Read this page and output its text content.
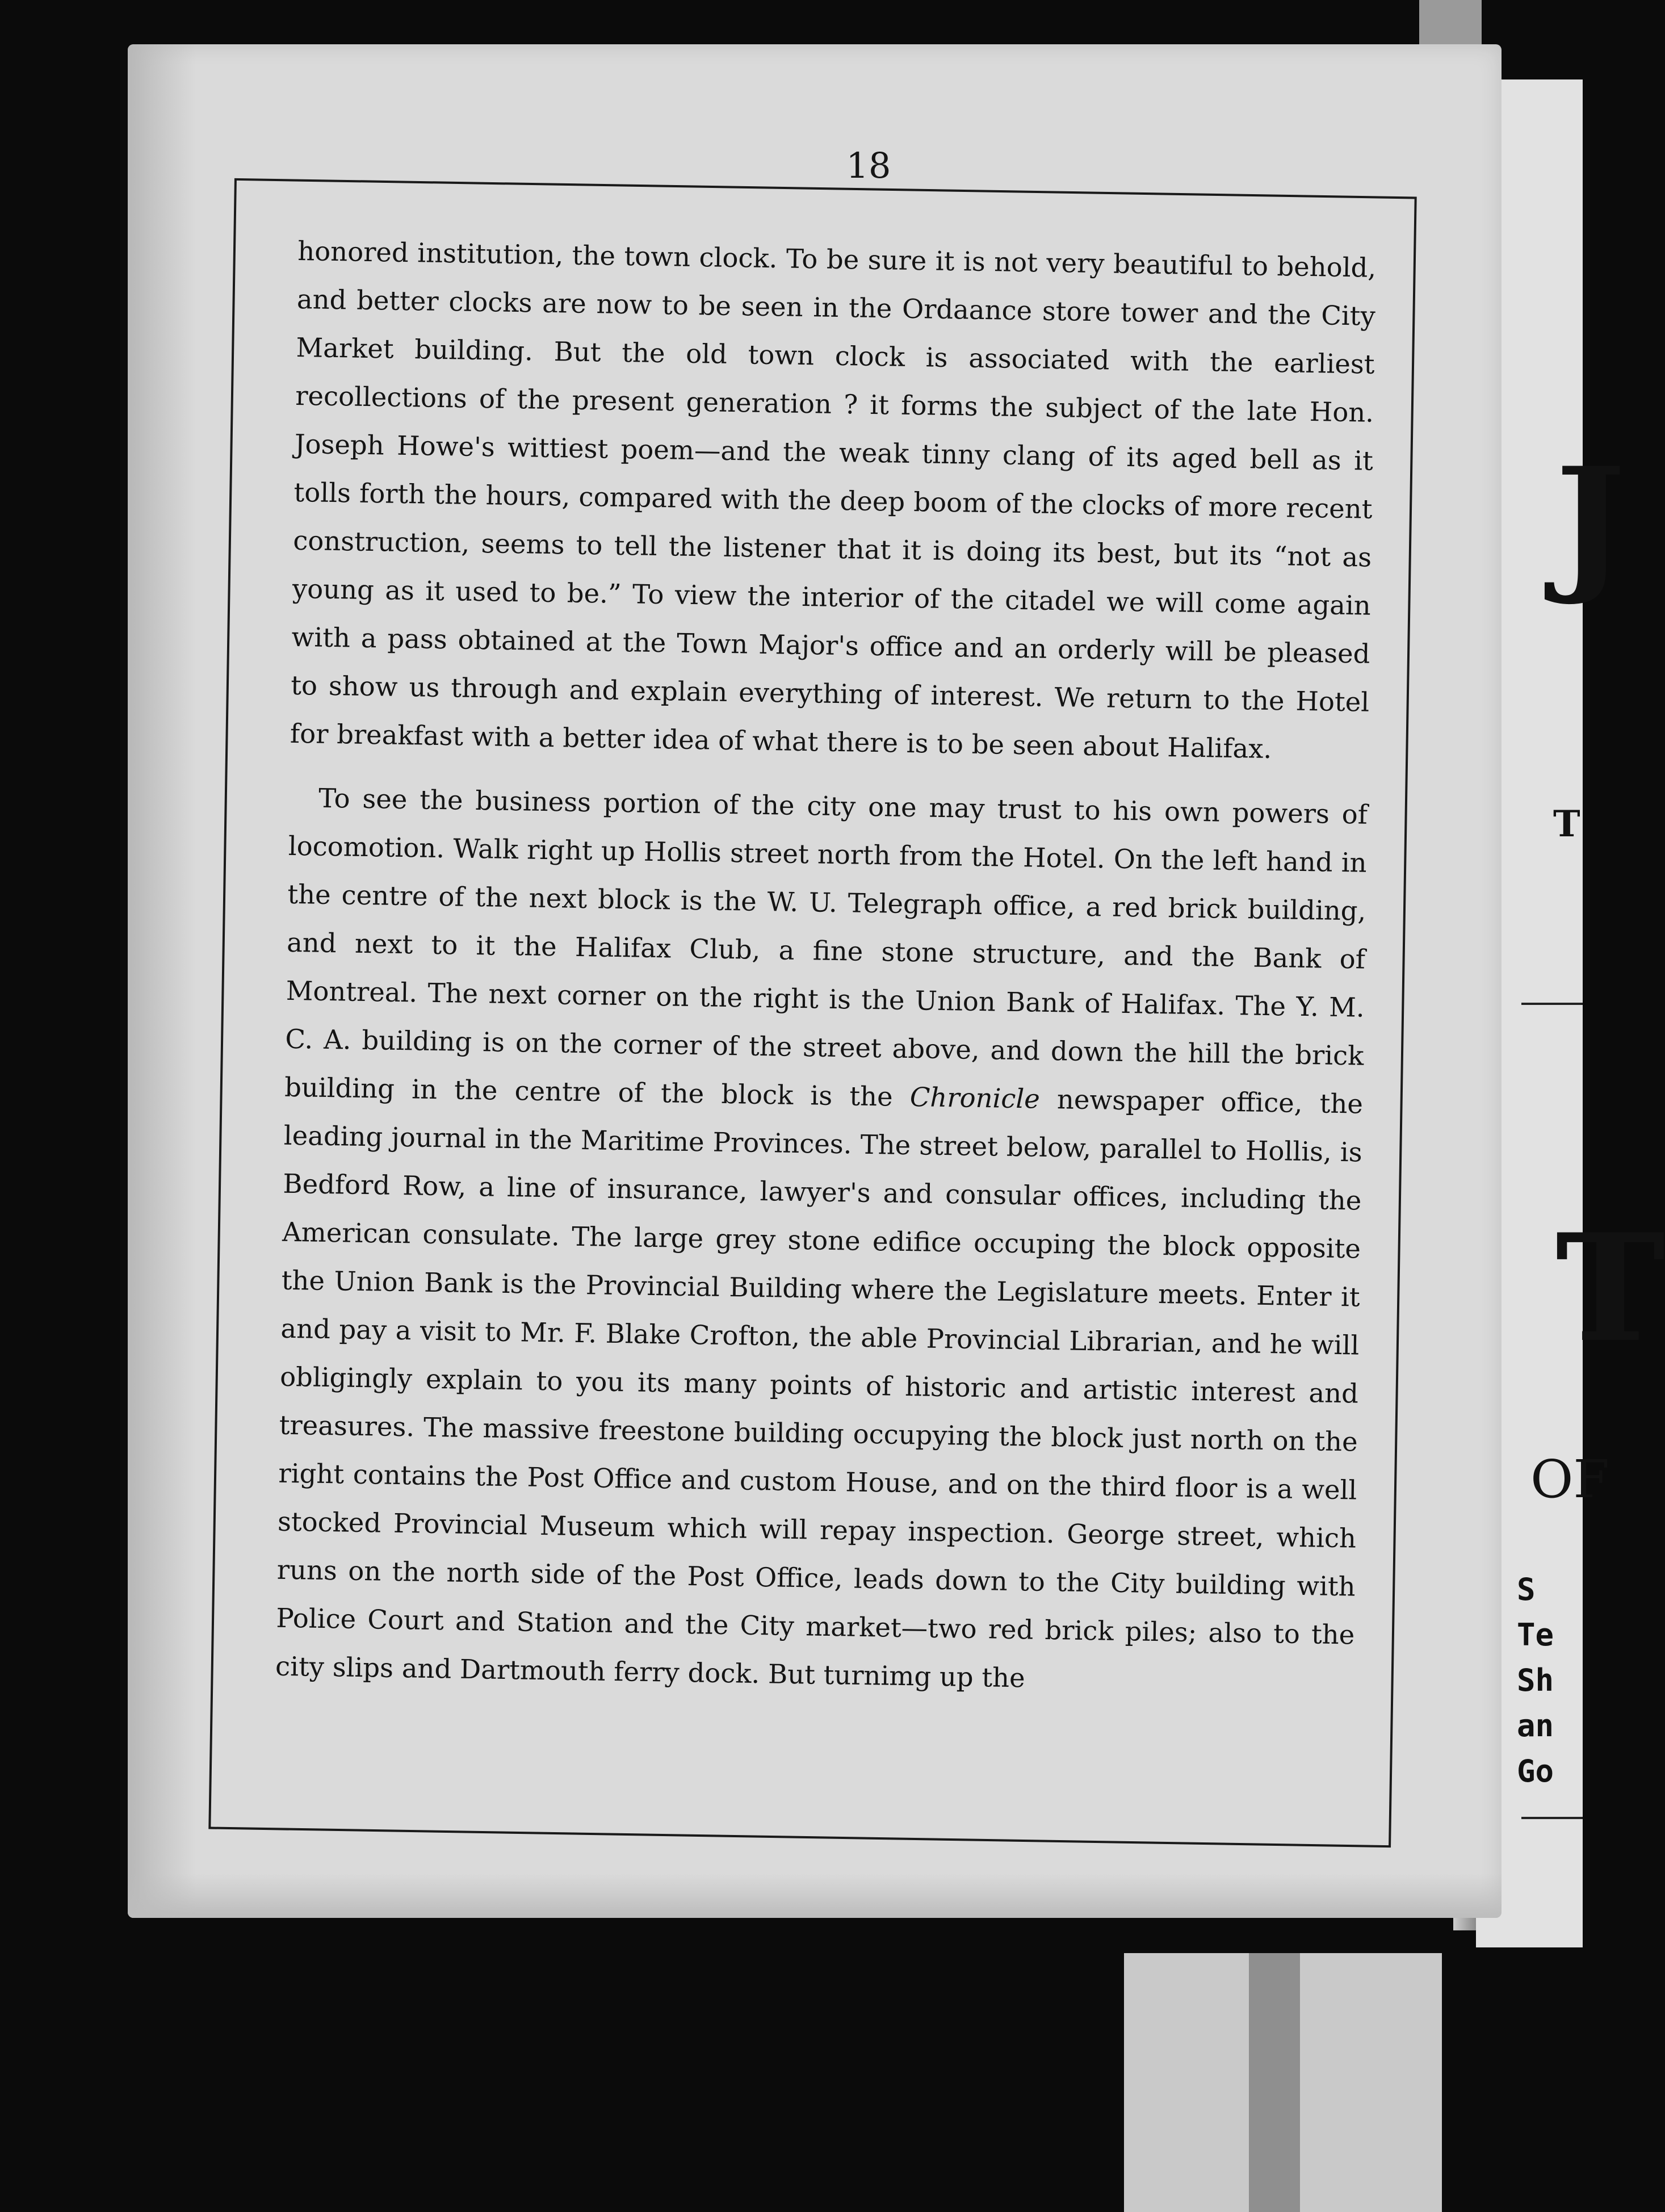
J
T
T
OF
S
Te
Sh
an
Go
18

honored institution, the town clock. To be sure it is not very beautiful to behold, and better clocks are now to be seen in the Ordaance store tower and the City Market building. But the old town clock is associated with the earliest recollections of the present generation ? it forms the subject of the late Hon. Joseph Howe's wittiest poem—and the weak tinny clang of its aged bell as it tolls forth the hours, compared with the deep boom of the clocks of more recent construction, seems to tell the listener that it is doing its best, but its “not as young as it used to be.” To view the interior of the citadel we will come again with a pass obtained at the Town Major's office and an orderly will be pleased to show us through and explain everything of interest. We return to the Hotel for breakfast with a better idea of what there is to be seen about Halifax.

To see the business portion of the city one may trust to his own powers of locomotion. Walk right up Hollis street north from the Hotel. On the left hand in the centre of the next block is the W. U. Telegraph office, a red brick building, and next to it the Halifax Club, a fine stone structure, and the Bank of Montreal. The next corner on the right is the Union Bank of Halifax. The Y. M. C. A. building is on the corner of the street above, and down the hill the brick building in the centre of the block is the Chronicle newspaper office, the leading journal in the Maritime Provinces. The street below, parallel to Hollis, is Bedford Row, a line of insurance, lawyer's and consular offices, including the American consulate. The large grey stone edifice occuping the block opposite the Union Bank is the Provincial Building where the Legislature meets. Enter it and pay a visit to Mr. F. Blake Crofton, the able Provincial Librarian, and he will obligingly explain to you its many points of historic and artistic interest and treasures. The massive freestone building occupying the block just north on the right contains the Post Office and custom House, and on the third floor is a well stocked Provincial Museum which will repay inspection. George street, which runs on the north side of the Post Office, leads down to the City building with Police Court and Station and the City market—two red brick piles; also to the city slips and Dartmouth ferry dock. But turnimg up the
